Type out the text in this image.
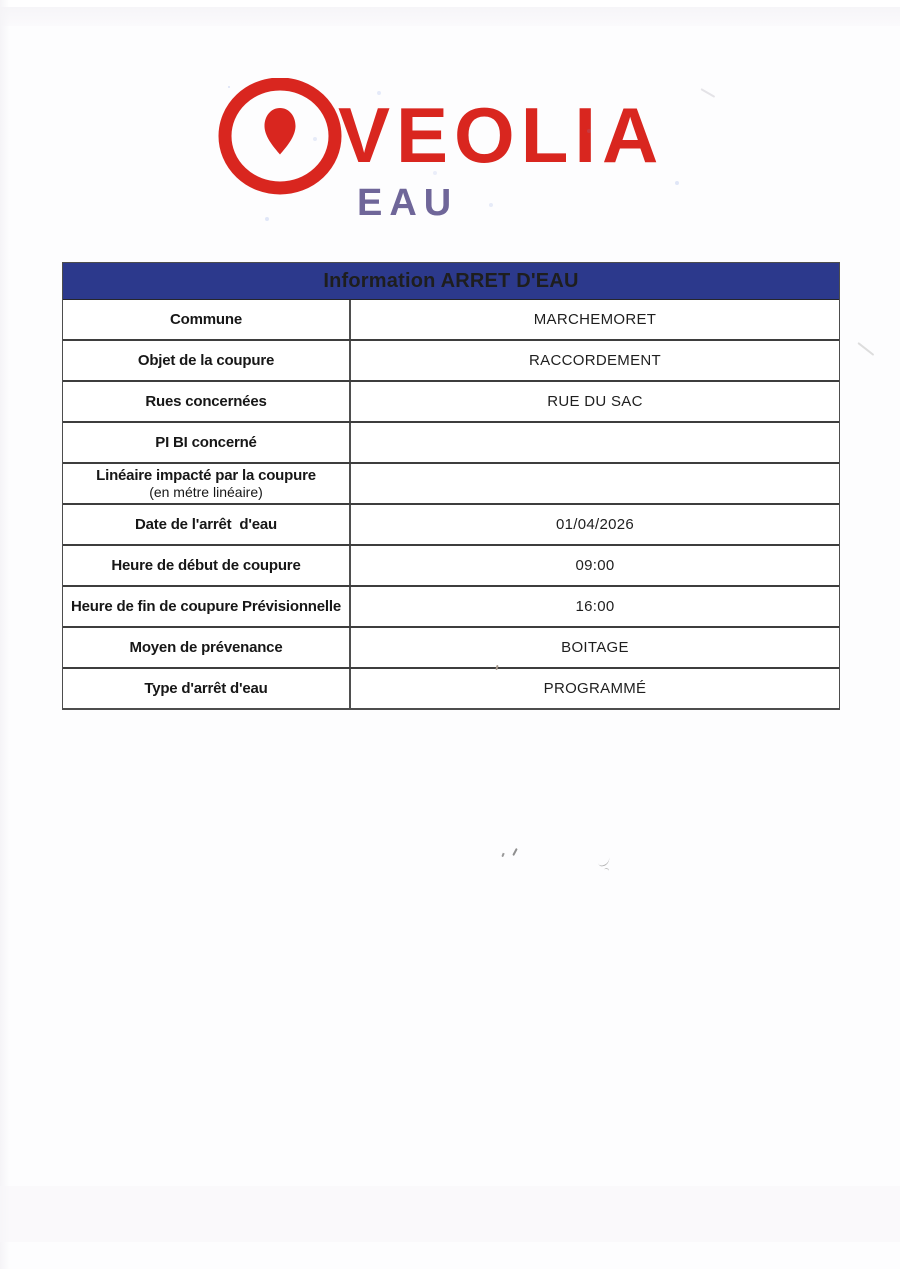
VEOLIA
EAU
Information ARRET D'EAU
Commune	MARCHEMORET
Objet de la coupure	RACCORDEMENT
Rues concernées	RUE DU SAC
PI BI concerné
Linéaire impacté par la coupure
(en métre linéaire)
Date de l'arrêt  d'eau	01/04/2026
Heure de début de coupure	09:00
Heure de fin de coupure Prévisionnelle	16:00
Moyen de prévenance	BOITAGE
Type d'arrêt d'eau	PROGRAMMÉ
